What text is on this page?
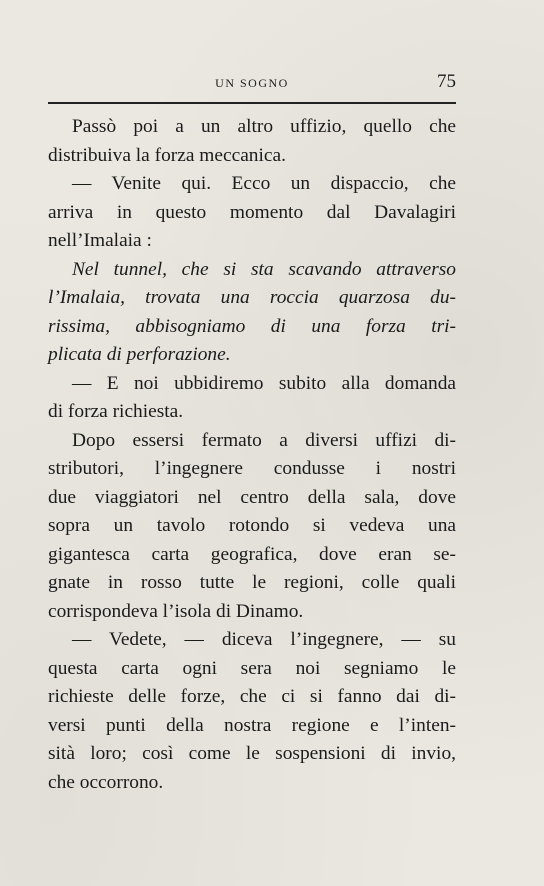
UN SOGNO	75
Passò poi a un altro uffizio, quello che
distribuiva la forza meccanica.
— Venite qui. Ecco un dispaccio, che
arriva in questo momento dal Davalagiri
nell’Imalaia :
Nel tunnel, che si sta scavando attraverso
l’Imalaia, trovata una roccia quarzosa du-
rissima, abbisogniamo di una forza tri-
plicata di perforazione.
— E noi ubbidiremo subito alla domanda
di forza richiesta.
Dopo essersi fermato a diversi uffizi di-
stributori, l’ingegnere condusse i nostri
due viaggiatori nel centro della sala, dove
sopra un tavolo rotondo si vedeva una
gigantesca carta geografica, dove eran se-
gnate in rosso tutte le regioni, colle quali
corrispondeva l’isola di Dinamo.
— Vedete, — diceva l’ingegnere, — su
questa carta ogni sera noi segniamo le
richieste delle forze, che ci si fanno dai di-
versi punti della nostra regione e l’inten-
sità loro; così come le sospensioni di invio,
che occorrono.
